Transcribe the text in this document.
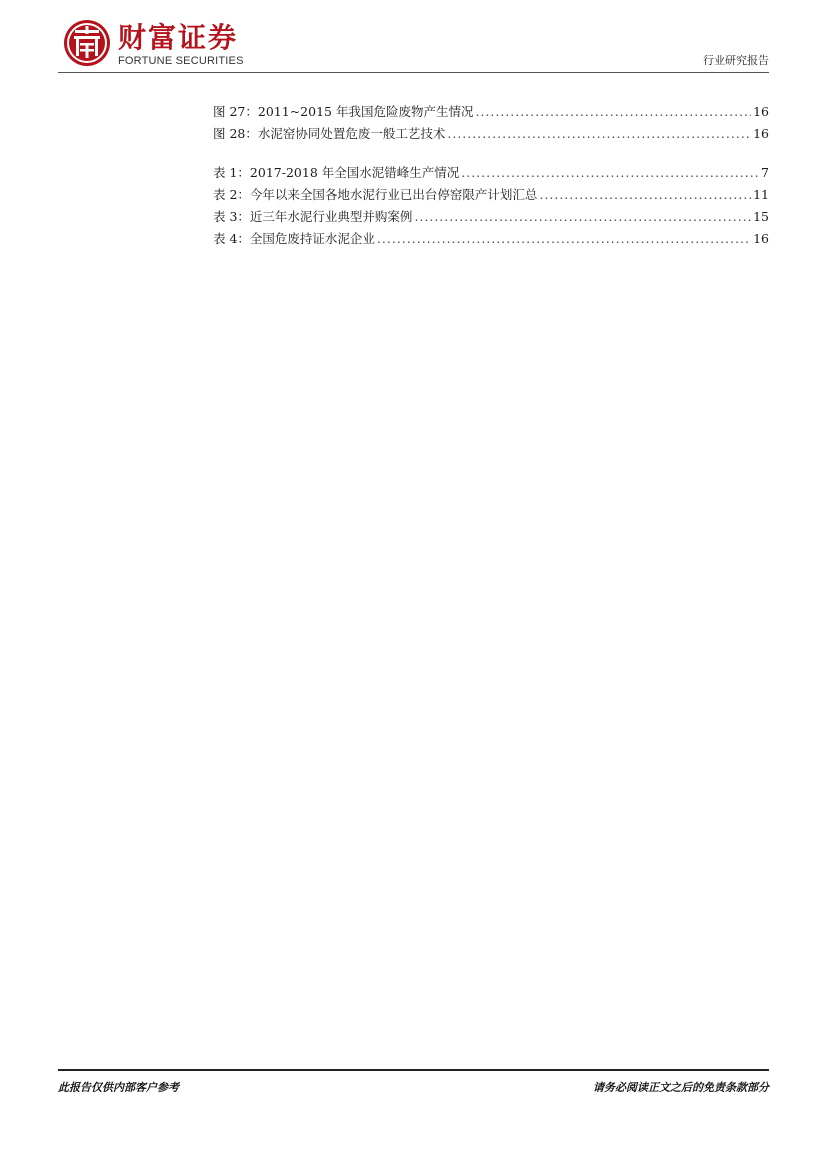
财富证券
FORTUNE SECURITIES	行业研究报告
图 27：2011~2015 年我国危险废物产生情况 .....	16
图 28：水泥窑协同处置危废一般工艺技术 .....	16
表 1：2017-2018 年全国水泥错峰生产情况 .....	7
表 2：今年以来全国各地水泥行业已出台停窑限产计划汇总 .....	11
表 3：近三年水泥行业典型并购案例 .....	15
表 4：全国危废持证水泥企业 .....	16
此报告仅供内部客户参考	请务必阅读正文之后的免责条款部分
